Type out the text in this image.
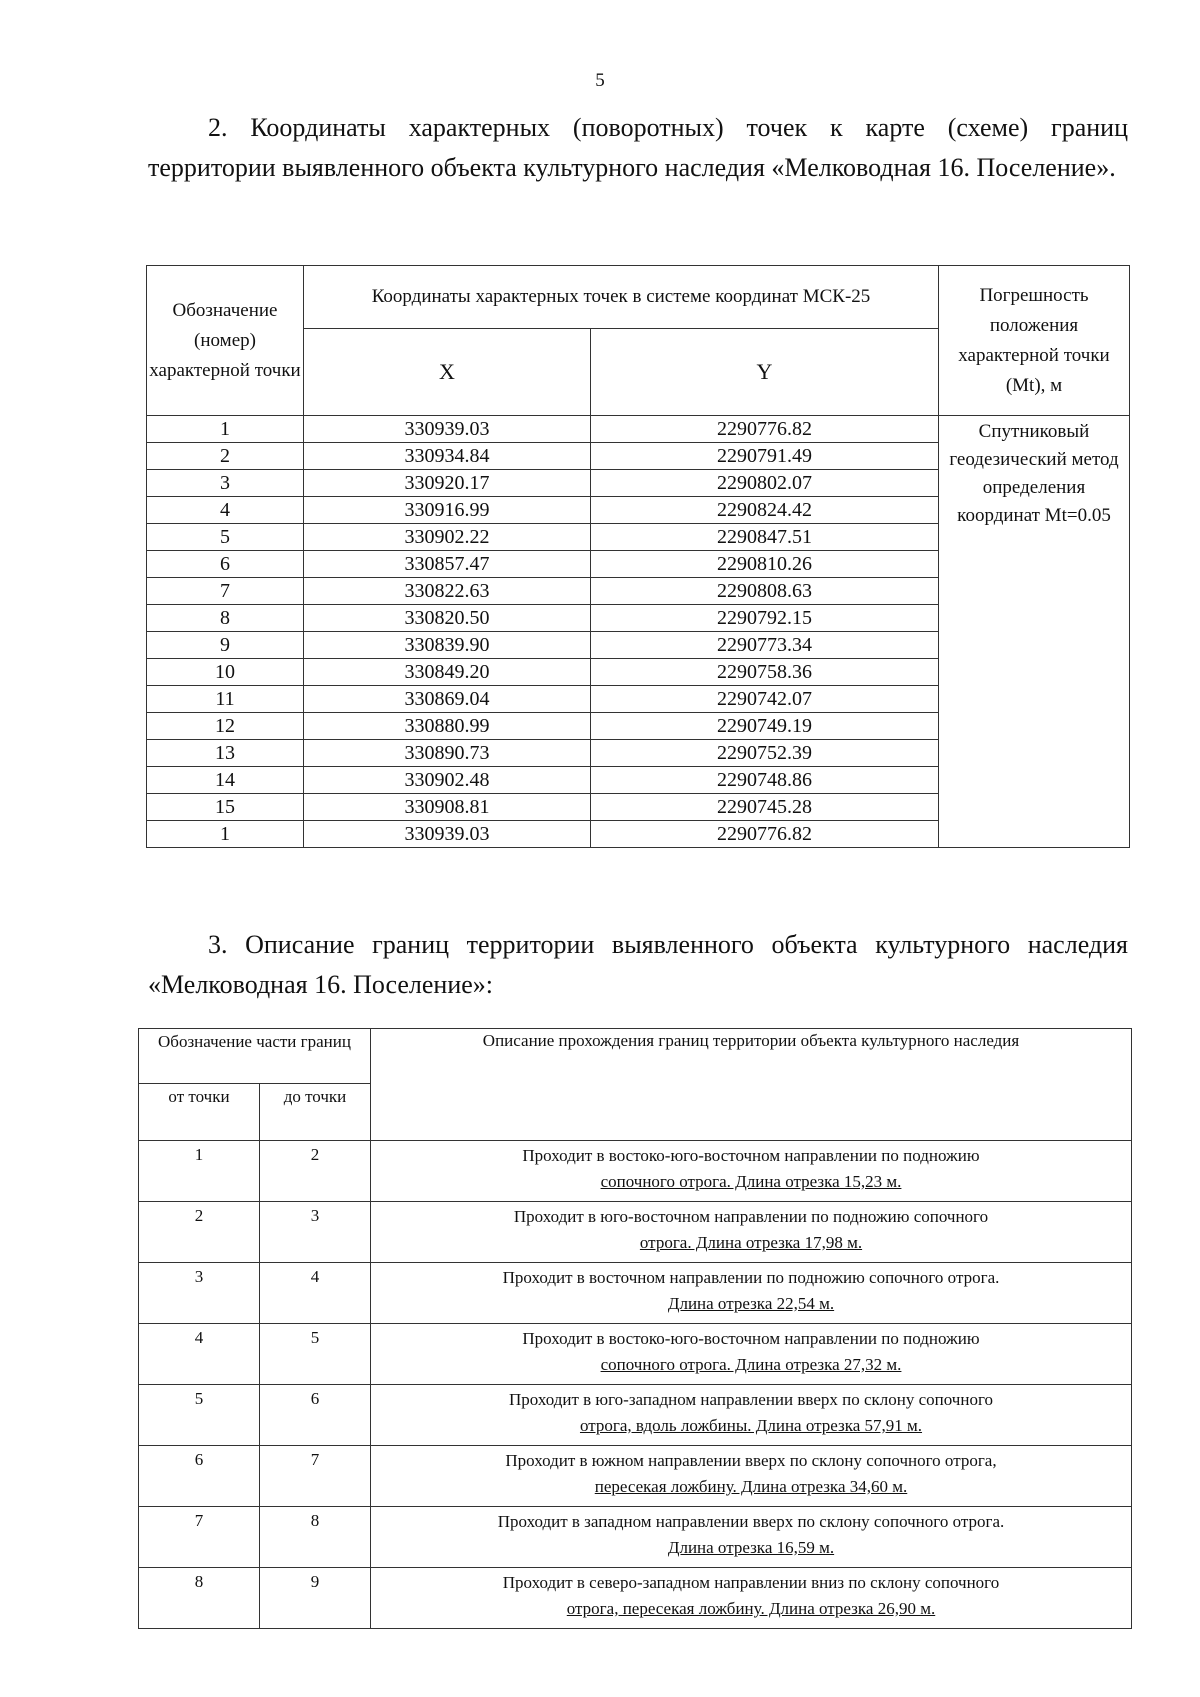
5

2. Координаты характерных (поворотных) точек к карте (схеме) границ территории выявленного объекта культурного наследия «Мелководная 16. Поселение».

Обозначение (номер) характерной точки	Координаты характерных точек в системе координат МСК-25		Погрешность положения характерной точки (Mt), м
	X	Y	
1	330939.03	2290776.82	Спутниковый геодезический метод определения координат Mt=0.05
2	330934.84	2290791.49	
3	330920.17	2290802.07	
4	330916.99	2290824.42	
5	330902.22	2290847.51	
6	330857.47	2290810.26	
7	330822.63	2290808.63	
8	330820.50	2290792.15	
9	330839.90	2290773.34	
10	330849.20	2290758.36	
11	330869.04	2290742.07	
12	330880.99	2290749.19	
13	330890.73	2290752.39	
14	330902.48	2290748.86	
15	330908.81	2290745.28	
1	330939.03	2290776.82	

3. Описание границ территории выявленного объекта культурного наследия «Мелководная 16. Поселение»:

Обозначение части границ		Описание прохождения границ территории объекта культурного наследия
от точки	до точки	
1	2	Проходит в востоко-юго-восточном направлении по подножию
сопочного отрога. Длина отрезка 15,23 м.
2	3	Проходит в юго-восточном направлении по подножию сопочного
отрога. Длина отрезка 17,98 м.
3	4	Проходит в восточном направлении по подножию сопочного отрога.
Длина отрезка 22,54 м.
4	5	Проходит в востоко-юго-восточном направлении по подножию
сопочного отрога. Длина отрезка 27,32 м.
5	6	Проходит в юго-западном направлении вверх по склону сопочного
отрога, вдоль ложбины. Длина отрезка 57,91 м.
6	7	Проходит в южном направлении вверх по склону сопочного отрога,
пересекая ложбину. Длина отрезка 34,60 м.
7	8	Проходит в западном направлении вверх по склону сопочного отрога.
Длина отрезка 16,59 м.
8	9	Проходит в северо-западном направлении вниз по склону сопочного
отрога, пересекая ложбину. Длина отрезка 26,90 м.
